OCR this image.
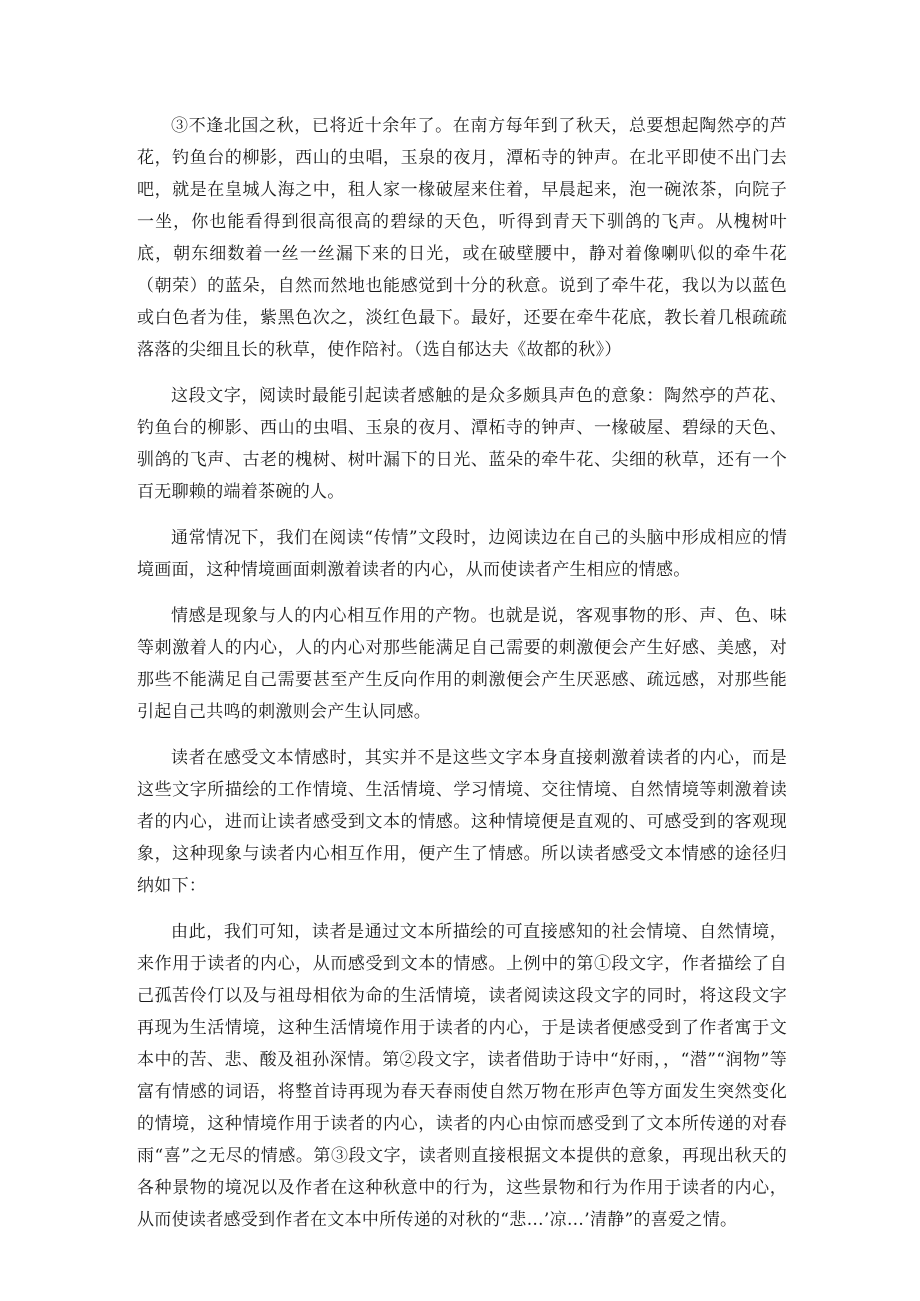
③不逢北国之秋，已将近十余年了。在南方每年到了秋天，总要想起陶然亭的芦花，钓鱼台的柳影，西山的虫唱，玉泉的夜月，潭柘寺的钟声。在北平即使不出门去吧，就是在皇城人海之中，租人家一椽破屋来住着，早晨起来，泡一碗浓茶，向院子一坐，你也能看得到很高很高的碧绿的天色，听得到青天下驯鸽的飞声。从槐树叶底，朝东细数着一丝一丝漏下来的日光，或在破壁腰中，静对着像喇叭似的牵牛花（朝荣）的蓝朵，自然而然地也能感觉到十分的秋意。说到了牵牛花，我以为以蓝色或白色者为佳，紫黑色次之，淡红色最下。最好，还要在牵牛花底，教长着几根疏疏落落的尖细且长的秋草，使作陪衬。（选自郁达夫《故都的秋》）

这段文字，阅读时最能引起读者感触的是众多颇具声色的意象：陶然亭的芦花、钓鱼台的柳影、西山的虫唱、玉泉的夜月、潭柘寺的钟声、一椽破屋、碧绿的天色、驯鸽的飞声、古老的槐树、树叶漏下的日光、蓝朵的牵牛花、尖细的秋草，还有一个百无聊赖的端着茶碗的人。

通常情况下，我们在阅读“传情”文段时，边阅读边在自己的头脑中形成相应的情境画面，这种情境画面刺激着读者的内心，从而使读者产生相应的情感。

情感是现象与人的内心相互作用的产物。也就是说，客观事物的形、声、色、味等刺激着人的内心，人的内心对那些能满足自己需要的刺激便会产生好感、美感，对那些不能满足自己需要甚至产生反向作用的刺激便会产生厌恶感、疏远感，对那些能引起自己共鸣的刺激则会产生认同感。

读者在感受文本情感时，其实并不是这些文字本身直接刺激着读者的内心，而是这些文字所描绘的工作情境、生活情境、学习情境、交往情境、自然情境等刺激着读者的内心，进而让读者感受到文本的情感。这种情境便是直观的、可感受到的客观现象，这种现象与读者内心相互作用，便产生了情感。所以读者感受文本情感的途径归纳如下：

由此，我们可知，读者是通过文本所描绘的可直接感知的社会情境、自然情境，来作用于读者的内心，从而感受到文本的情感。上例中的第①段文字，作者描绘了自己孤苦伶仃以及与祖母相依为命的生活情境，读者阅读这段文字的同时，将这段文字再现为生活情境，这种生活情境作用于读者的内心，于是读者便感受到了作者寓于文本中的苦、悲、酸及祖孙深情。第②段文字，读者借助于诗中“好雨，，“潜”“润物”等富有情感的词语，将整首诗再现为春天春雨使自然万物在形声色等方面发生突然变化的情境，这种情境作用于读者的内心，读者的内心由惊而感受到了文本所传递的对春雨“喜”之无尽的情感。第③段文字，读者则直接根据文本提供的意象，再现出秋天的各种景物的境况以及作者在这种秋意中的行为，这些景物和行为作用于读者的内心，从而使读者感受到作者在文本中所传递的对秋的“悲…’凉…’清静”的喜爱之情。
